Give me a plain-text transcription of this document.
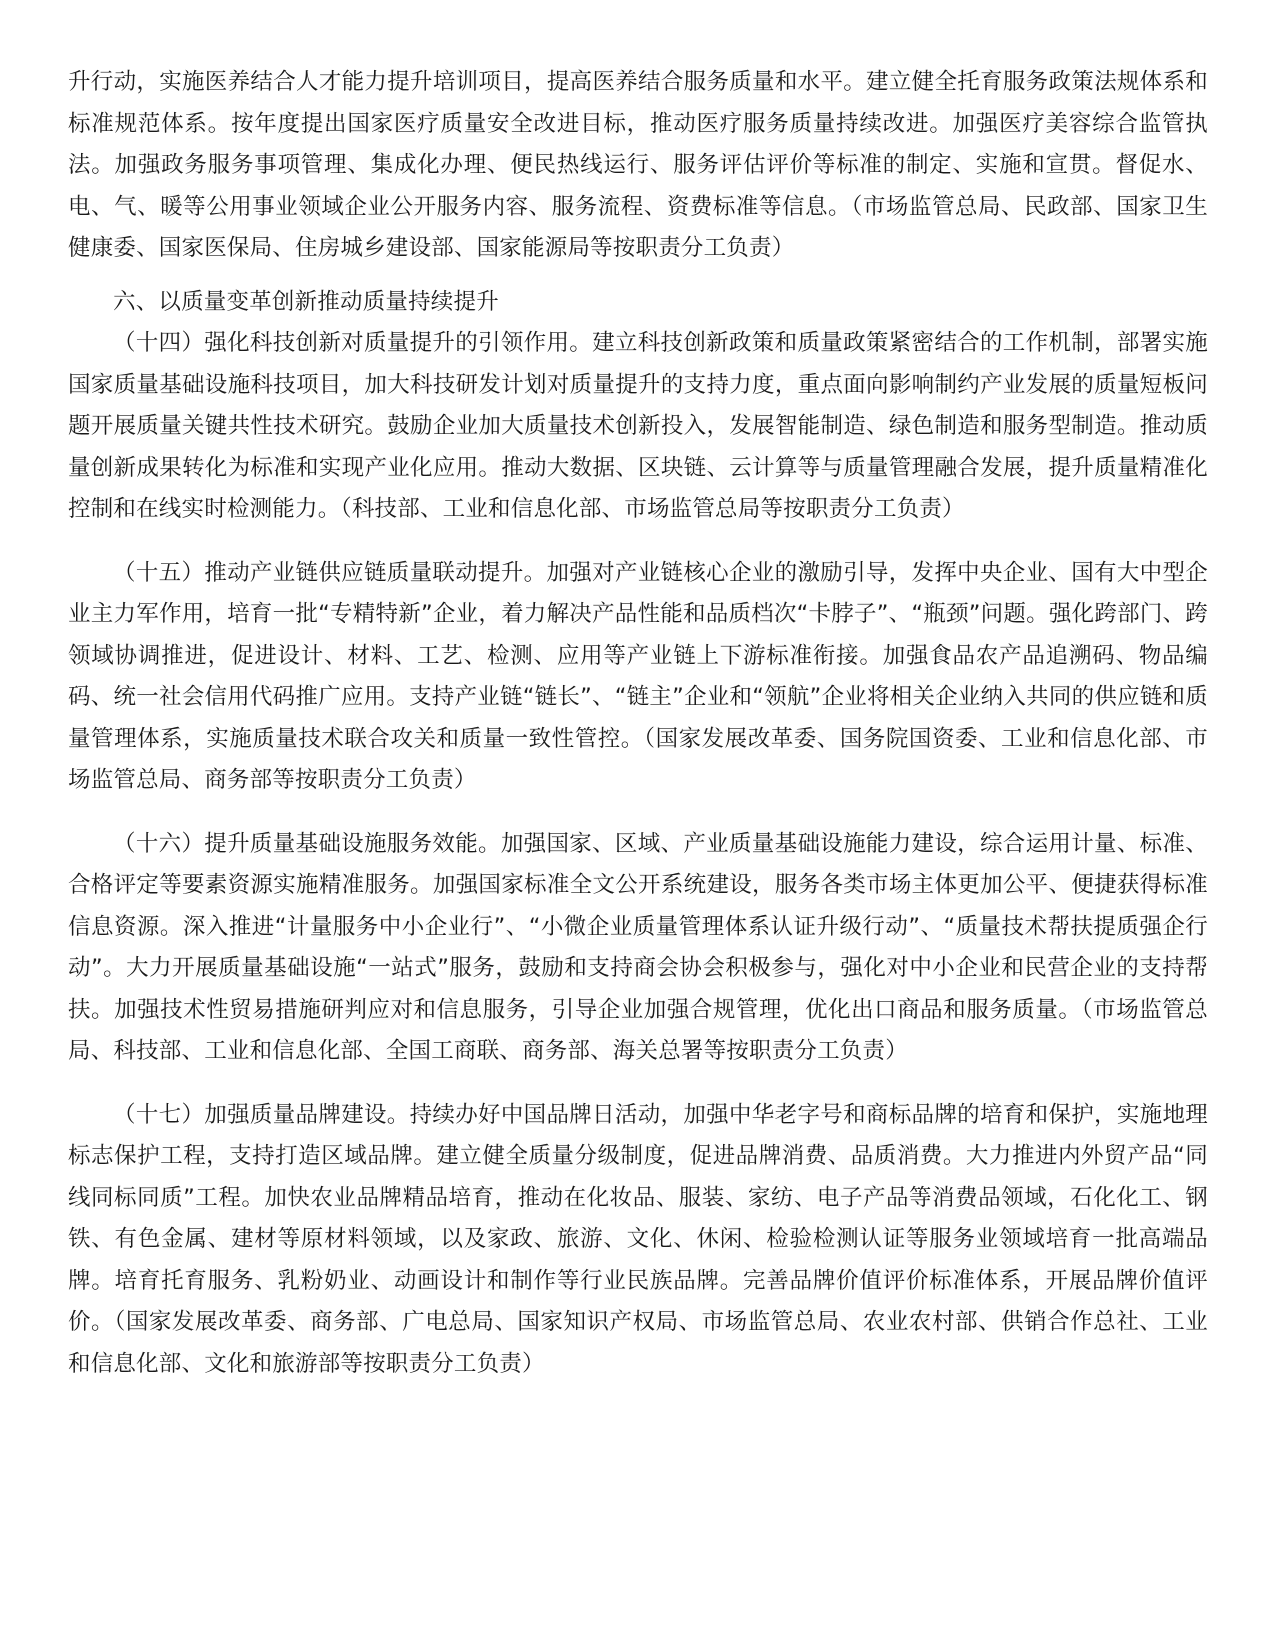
升行动，实施医养结合人才能力提升培训项目，提高医养结合服务质量和水平。建立健全托育服务政策法规体系和标准规范体系。按年度提出国家医疗质量安全改进目标，推动医疗服务质量持续改进。加强医疗美容综合监管执法。加强政务服务事项管理、集成化办理、便民热线运行、服务评估评价等标准的制定、实施和宣贯。督促水、电、气、暖等公用事业领域企业公开服务内容、服务流程、资费标准等信息。（市场监管总局、民政部、国家卫生健康委、国家医保局、住房城乡建设部、国家能源局等按职责分工负责）

六、以质量变革创新推动质量持续提升

（十四）强化科技创新对质量提升的引领作用。建立科技创新政策和质量政策紧密结合的工作机制，部署实施国家质量基础设施科技项目，加大科技研发计划对质量提升的支持力度，重点面向影响制约产业发展的质量短板问题开展质量关键共性技术研究。鼓励企业加大质量技术创新投入，发展智能制造、绿色制造和服务型制造。推动质量创新成果转化为标准和实现产业化应用。推动大数据、区块链、云计算等与质量管理融合发展，提升质量精准化控制和在线实时检测能力。（科技部、工业和信息化部、市场监管总局等按职责分工负责）

（十五）推动产业链供应链质量联动提升。加强对产业链核心企业的激励引导，发挥中央企业、国有大中型企业主力军作用，培育一批“专精特新”企业，着力解决产品性能和品质档次“卡脖子”、“瓶颈”问题。强化跨部门、跨领域协调推进，促进设计、材料、工艺、检测、应用等产业链上下游标准衔接。加强食品农产品追溯码、物品编码、统一社会信用代码推广应用。支持产业链“链长”、“链主”企业和“领航”企业将相关企业纳入共同的供应链和质量管理体系，实施质量技术联合攻关和质量一致性管控。（国家发展改革委、国务院国资委、工业和信息化部、市场监管总局、商务部等按职责分工负责）

（十六）提升质量基础设施服务效能。加强国家、区域、产业质量基础设施能力建设，综合运用计量、标准、合格评定等要素资源实施精准服务。加强国家标准全文公开系统建设，服务各类市场主体更加公平、便捷获得标准信息资源。深入推进“计量服务中小企业行”、“小微企业质量管理体系认证升级行动”、“质量技术帮扶提质强企行动”。大力开展质量基础设施“一站式”服务，鼓励和支持商会协会积极参与，强化对中小企业和民营企业的支持帮扶。加强技术性贸易措施研判应对和信息服务，引导企业加强合规管理，优化出口商品和服务质量。（市场监管总局、科技部、工业和信息化部、全国工商联、商务部、海关总署等按职责分工负责）

（十七）加强质量品牌建设。持续办好中国品牌日活动，加强中华老字号和商标品牌的培育和保护，实施地理标志保护工程，支持打造区域品牌。建立健全质量分级制度，促进品牌消费、品质消费。大力推进内外贸产品“同线同标同质”工程。加快农业品牌精品培育，推动在化妆品、服装、家纺、电子产品等消费品领域，石化化工、钢铁、有色金属、建材等原材料领域，以及家政、旅游、文化、休闲、检验检测认证等服务业领域培育一批高端品牌。培育托育服务、乳粉奶业、动画设计和制作等行业民族品牌。完善品牌价值评价标准体系，开展品牌价值评价。（国家发展改革委、商务部、广电总局、国家知识产权局、市场监管总局、农业农村部、供销合作总社、工业和信息化部、文化和旅游部等按职责分工负责）
